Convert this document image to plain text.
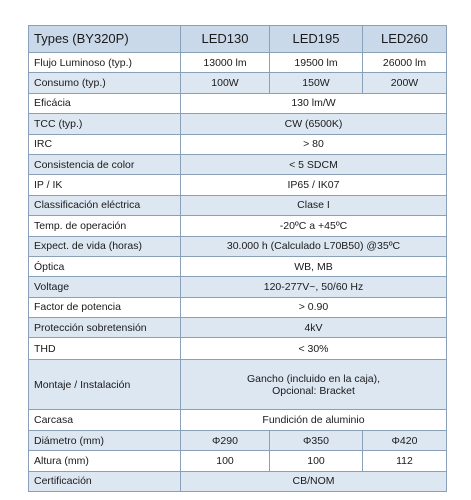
Types (BY320P)	LED130	LED195	LED260
Flujo Luminoso (typ.)	13000 lm	19500 lm	26000 lm
Consumo (typ.)	100W	150W	200W
Eficácia	130 lm/W		
TCC (typ.)	CW (6500K)		
IRC	> 80		
Consistencia de color	< 5 SDCM		
IP / IK	IP65 / IK07		
Classificación eléctrica	Clase I		
Temp. de operación	-20ºC a +45ºC		
Expect. de vida (horas)	30.000 h (Calculado L70B50) @35ºC		
Óptica	WB, MB		
Voltage	120-277V~, 50/60 Hz		
Factor de potencia	> 0.90		
Protección sobretensión	4kV		
THD	< 30%		
Montaje / Instalación	Gancho (incluido en la caja),
Opcional: Bracket		
Carcasa	Fundición de aluminio		
Diámetro (mm)	Φ290	Φ350	Φ420
Altura (mm)	100	100	112
Certificación	CB/NOM		
